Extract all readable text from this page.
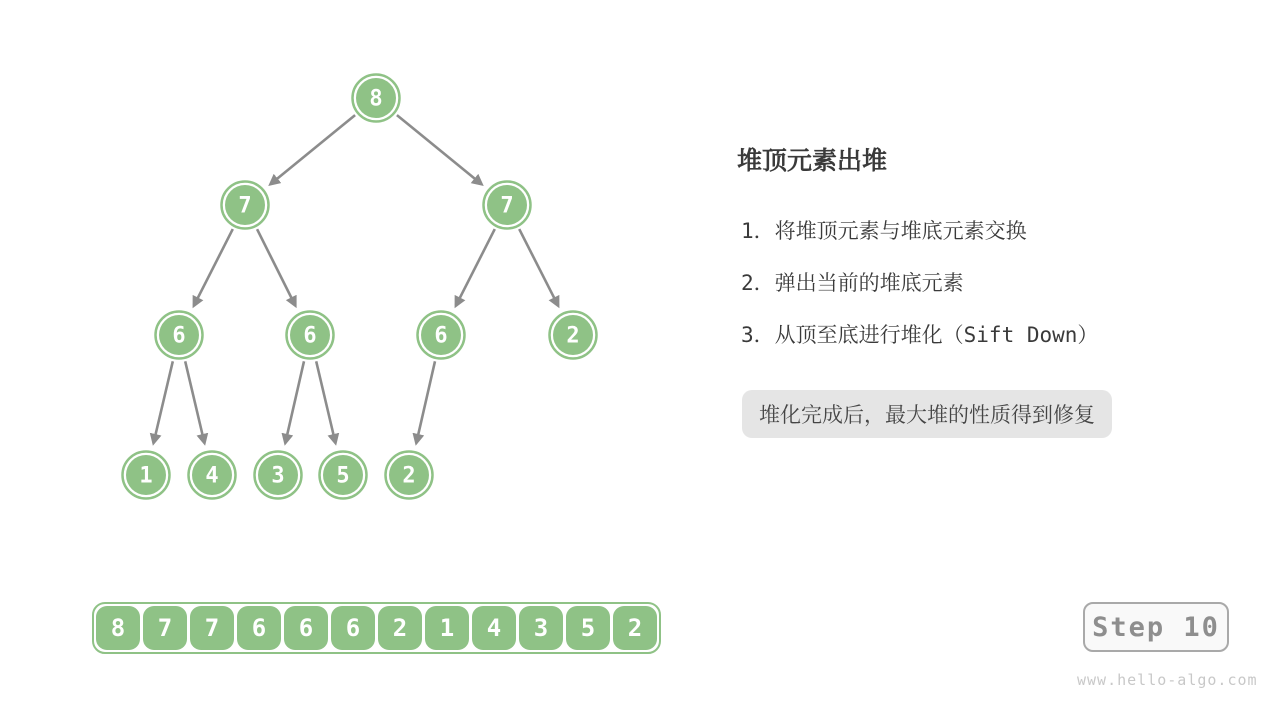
8
7	7
6	6	6	2
1 4 3 5 2
堆顶元素出堆
1．将堆顶元素与堆底元素交换
2．弹出当前的堆底元素
3．从顶至底进行堆化（Sift Down）
堆化完成后，最大堆的性质得到修复
8	7	7	6	6	6	2	1	4	3	5	2	Step 10
www.hello-algo.com
